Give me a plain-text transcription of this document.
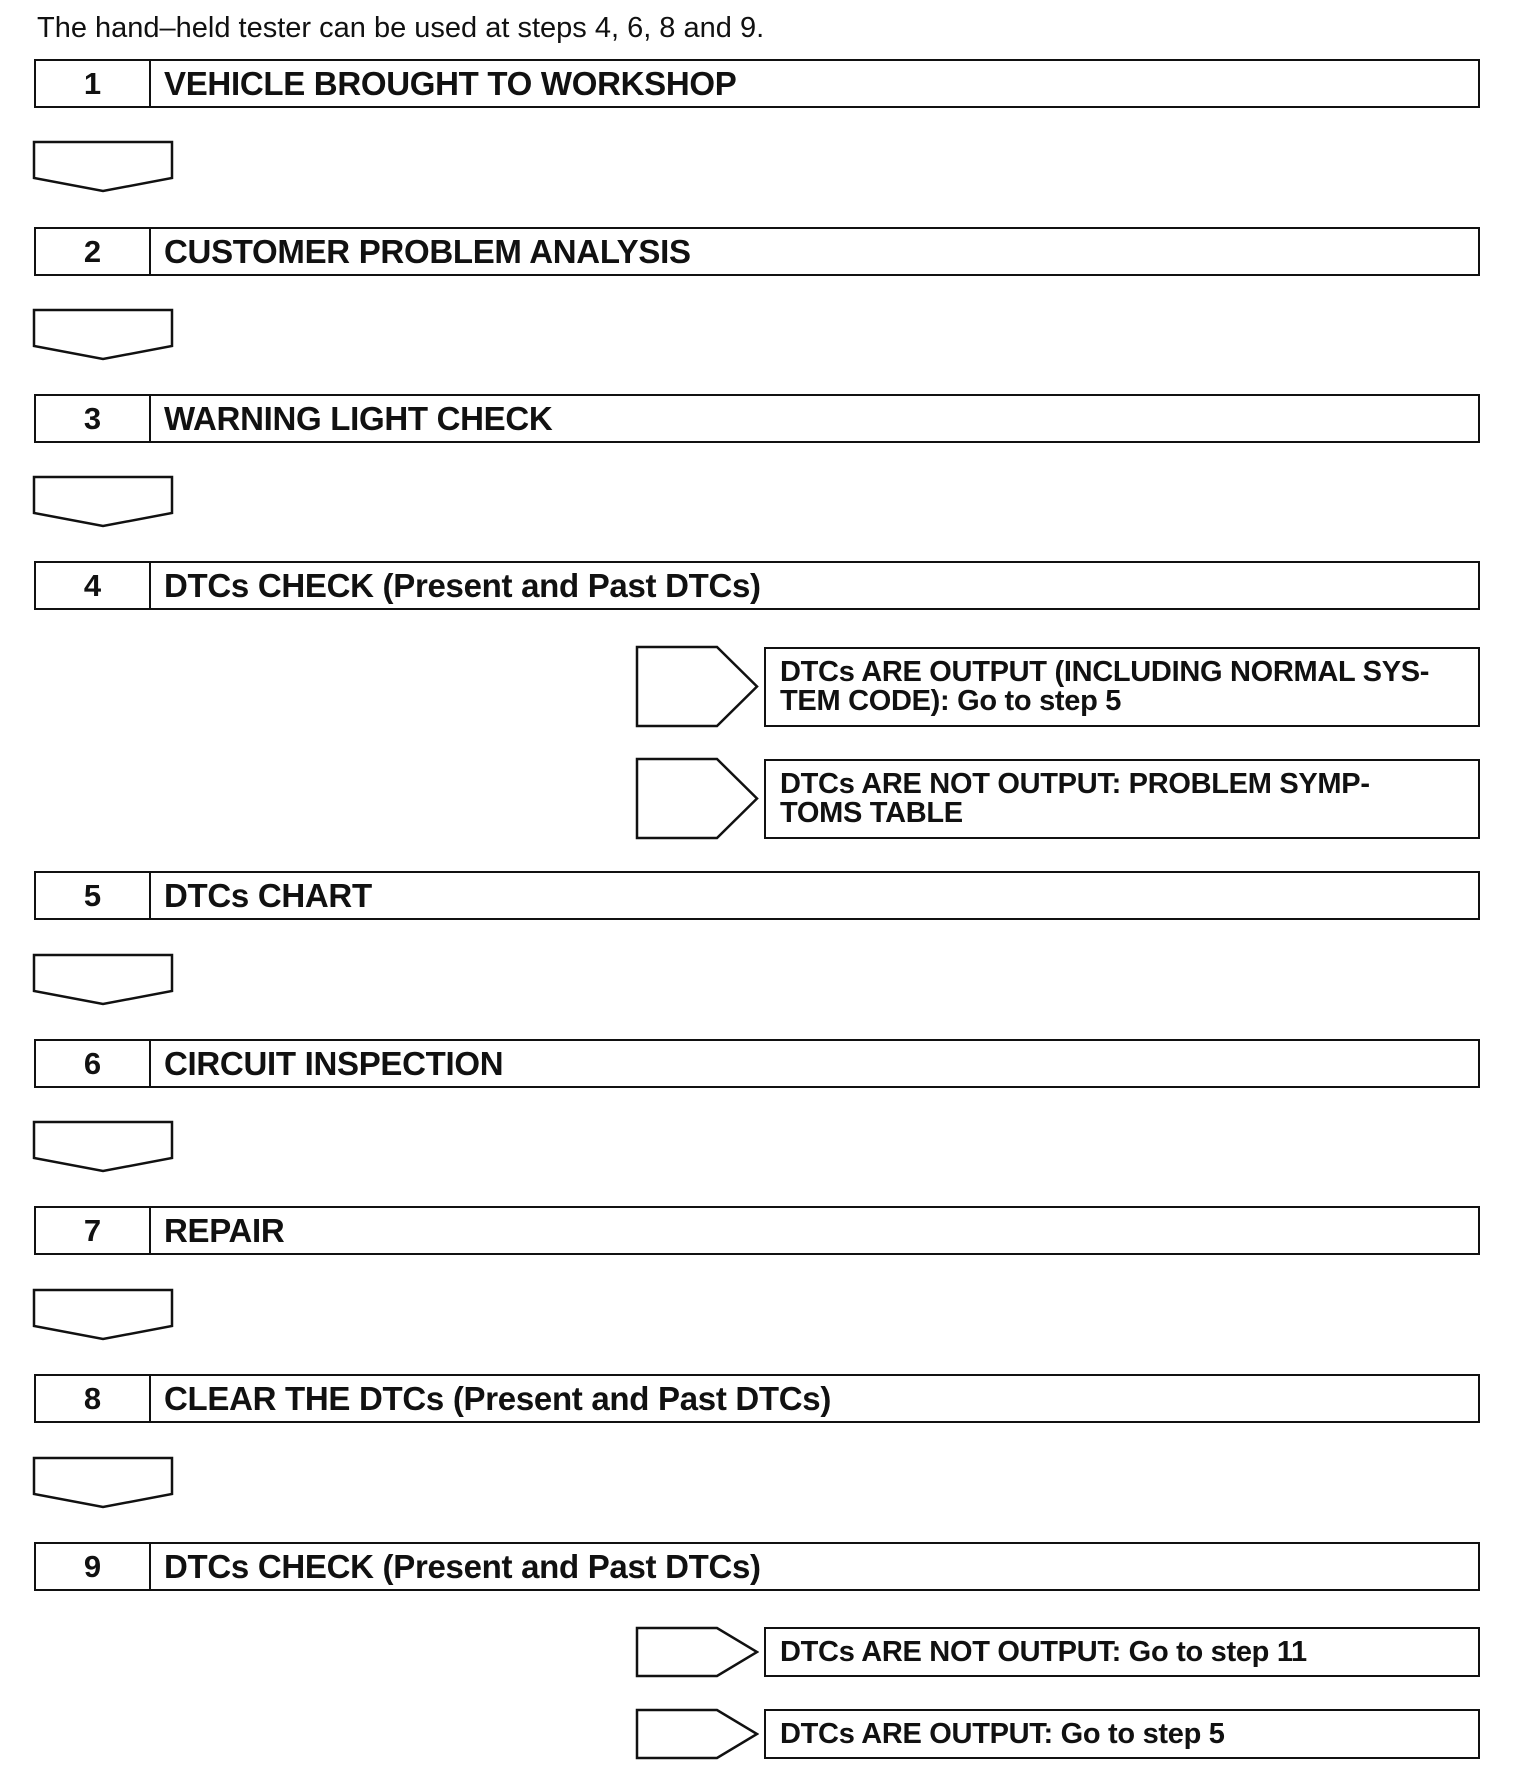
The hand–held tester can be used at steps 4, 6, 8 and 9.
1	VEHICLE BROUGHT TO WORKSHOP
2	CUSTOMER PROBLEM ANALYSIS
3	WARNING LIGHT CHECK
4	DTCs CHECK (Present and Past DTCs)
DTCs ARE OUTPUT (INCLUDING NORMAL SYS-
TEM CODE): Go to step 5
DTCs ARE NOT OUTPUT: PROBLEM SYMP-
TOMS TABLE
5	DTCs CHART
6	CIRCUIT INSPECTION
7	REPAIR
8	CLEAR THE DTCs (Present and Past DTCs)
9	DTCs CHECK (Present and Past DTCs)
DTCs ARE NOT OUTPUT: Go to step 11
DTCs ARE OUTPUT: Go to step 5
